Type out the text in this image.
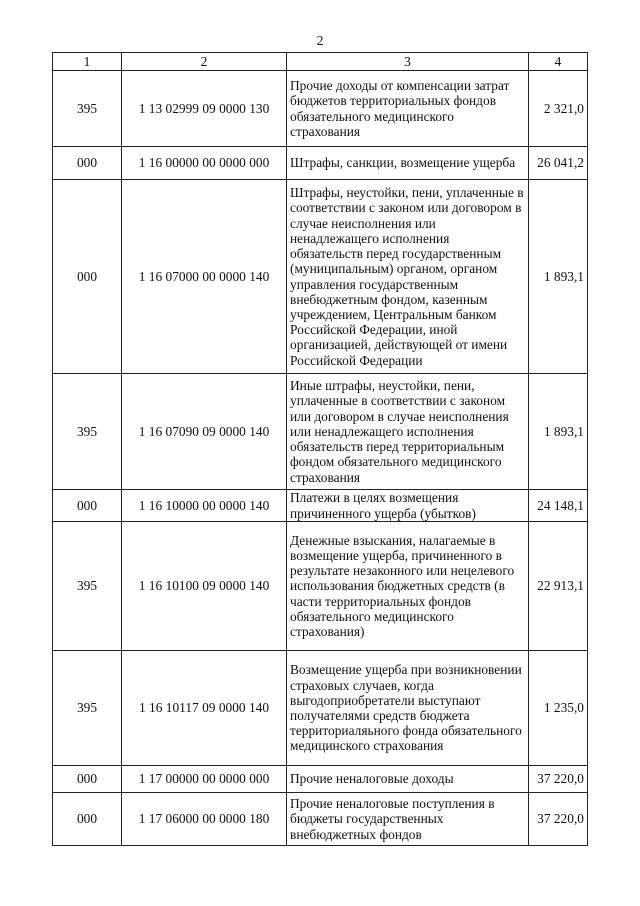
2
1	2	3	4
395	1 13 02999 09 0000 130	Прочие доходы от компенсации затрат бюджетов территориальных фондов обязательного медицинского страхования	2 321,0
000	1 16 00000 00 0000 000	Штрафы, санкции, возмещение ущерба	26 041,2
000	1 16 07000 00 0000 140	Штрафы, неустойки, пени, уплаченные в соответствии с законом или договором в случае неисполнения или ненадлежащего исполнения обязательств перед государственным (муниципальным) органом, органом управления государственным внебюджетным фондом, казенным учреждением, Центральным банком Российской Федерации, иной организацией, действующей от имени Российской Федерации	1 893,1
395	1 16 07090 09 0000 140	Иные штрафы, неустойки, пени, уплаченные в соответствии с законом или договором в случае неисполнения или ненадлежащего исполнения обязательств перед территориальным фондом обязательного медицинского страхования	1 893,1
000	1 16 10000 00 0000 140	Платежи в целях возмещения причиненного ущерба (убытков)	24 148,1
395	1 16 10100 09 0000 140	Денежные взыскания, налагаемые в возмещение ущерба, причиненного в результате незаконного или нецелевого использования бюджетных средств (в части территориальных фондов обязательного медицинского страхования)	22 913,1
395	1 16 10117 09 0000 140	Возмещение ущерба при возникновении страховых случаев, когда выгодоприобретатели выступают получателями средств бюджета территориаляьного фонда обязательного медицинского страхования	1 235,0
000	1 17 00000 00 0000 000	Прочие неналоговые доходы	37 220,0
000	1 17 06000 00 0000 180	Прочие неналоговые поступления в бюджеты государственных внебюджетных фондов	37 220,0
